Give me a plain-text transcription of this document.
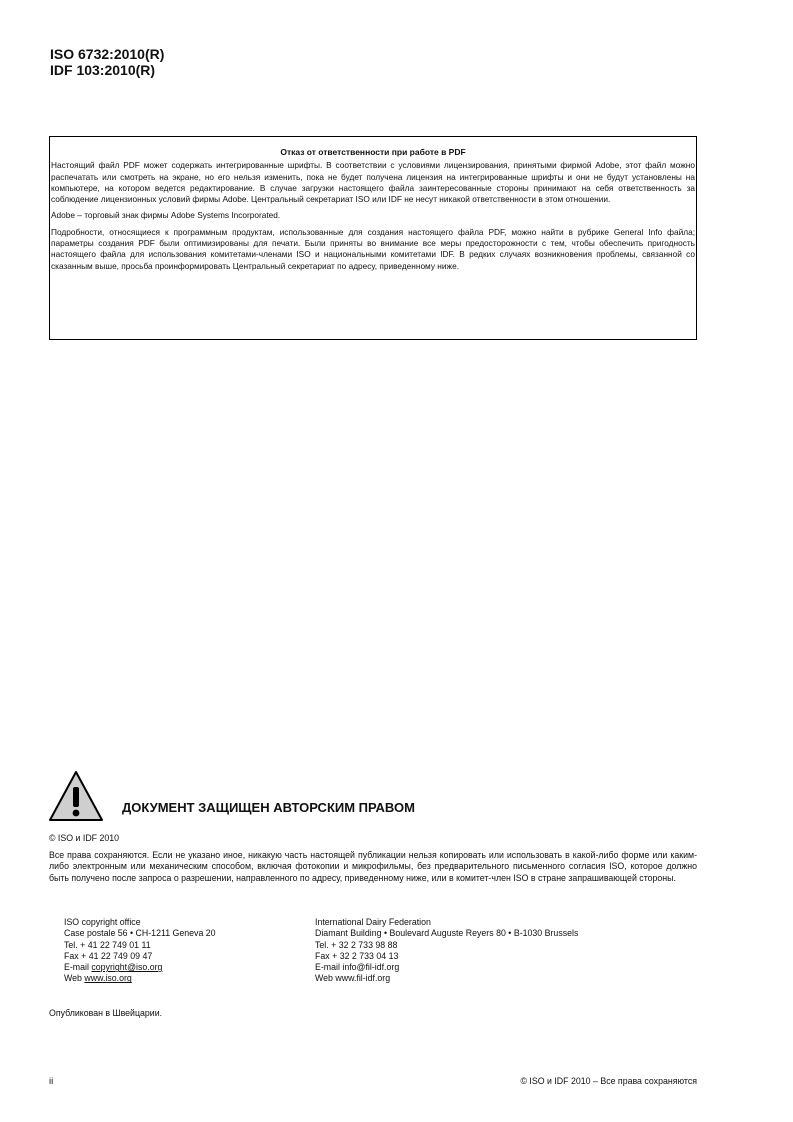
ISO 6732:2010(R)
IDF 103:2010(R)
Отказ от ответственности при работе в PDF

Настоящий файл PDF может содержать интегрированные шрифты. В соответствии с условиями лицензирования, принятыми фирмой Adobe, этот файл можно распечатать или смотреть на экране, но его нельзя изменить, пока не будет получена лицензия на интегрированные шрифты и они не будут установлены на компьютере, на котором ведется редактирование. В случае загрузки настоящего файла заинтересованные стороны принимают на себя ответственность за соблюдение лицензионных условий фирмы Adobe. Центральный секретариат ISO или IDF не несут никакой ответственности в этом отношении.

Adobe – торговый знак фирмы Adobe Systems Incorporated.

Подробности, относящиеся к программным продуктам, использованные для создания настоящего файла PDF, можно найти в рубрике General Info файла; параметры создания PDF были оптимизированы для печати. Были приняты во внимание все меры предосторожности с тем, чтобы обеспечить пригодность настоящего файла для использования комитетами-членами ISO и национальными комитетами IDF. В редких случаях возникновения проблемы, связанной со сказанным выше, просьба проинформировать Центральный секретариат по адресу, приведенному ниже.

ДОКУМЕНТ ЗАЩИЩЕН АВТОРСКИМ ПРАВОМ
© ISO и IDF 2010

Все права сохраняются. Если не указано иное, никакую часть настоящей публикации нельзя копировать или использовать в какой-либо форме или каким-либо электронным или механическим способом, включая фотокопии и микрофильмы, без предварительного письменного согласия ISO, которое должно быть получено после запроса о разрешении, направленного по адресу, приведенному ниже, или в комитет-член ISO в стране запрашивающей стороны.

ISO copyright office
Case postale 56 • CH-1211 Geneva 20
Tel. + 41 22 749 01 11
Fax + 41 22 749 09 47
E-mail copyright@iso.org
Web www.iso.org
International Dairy Federation
Diamant Building • Boulevard Auguste Reyers 80 • B-1030 Brussels
Tel. + 32 2 733 98 88
Fax + 32 2 733 04 13
E-mail info@fil-idf.org
Web www.fil-idf.org
Опубликован в Швейцарии.
ii	© ISO и IDF 2010 – Все права сохраняются
